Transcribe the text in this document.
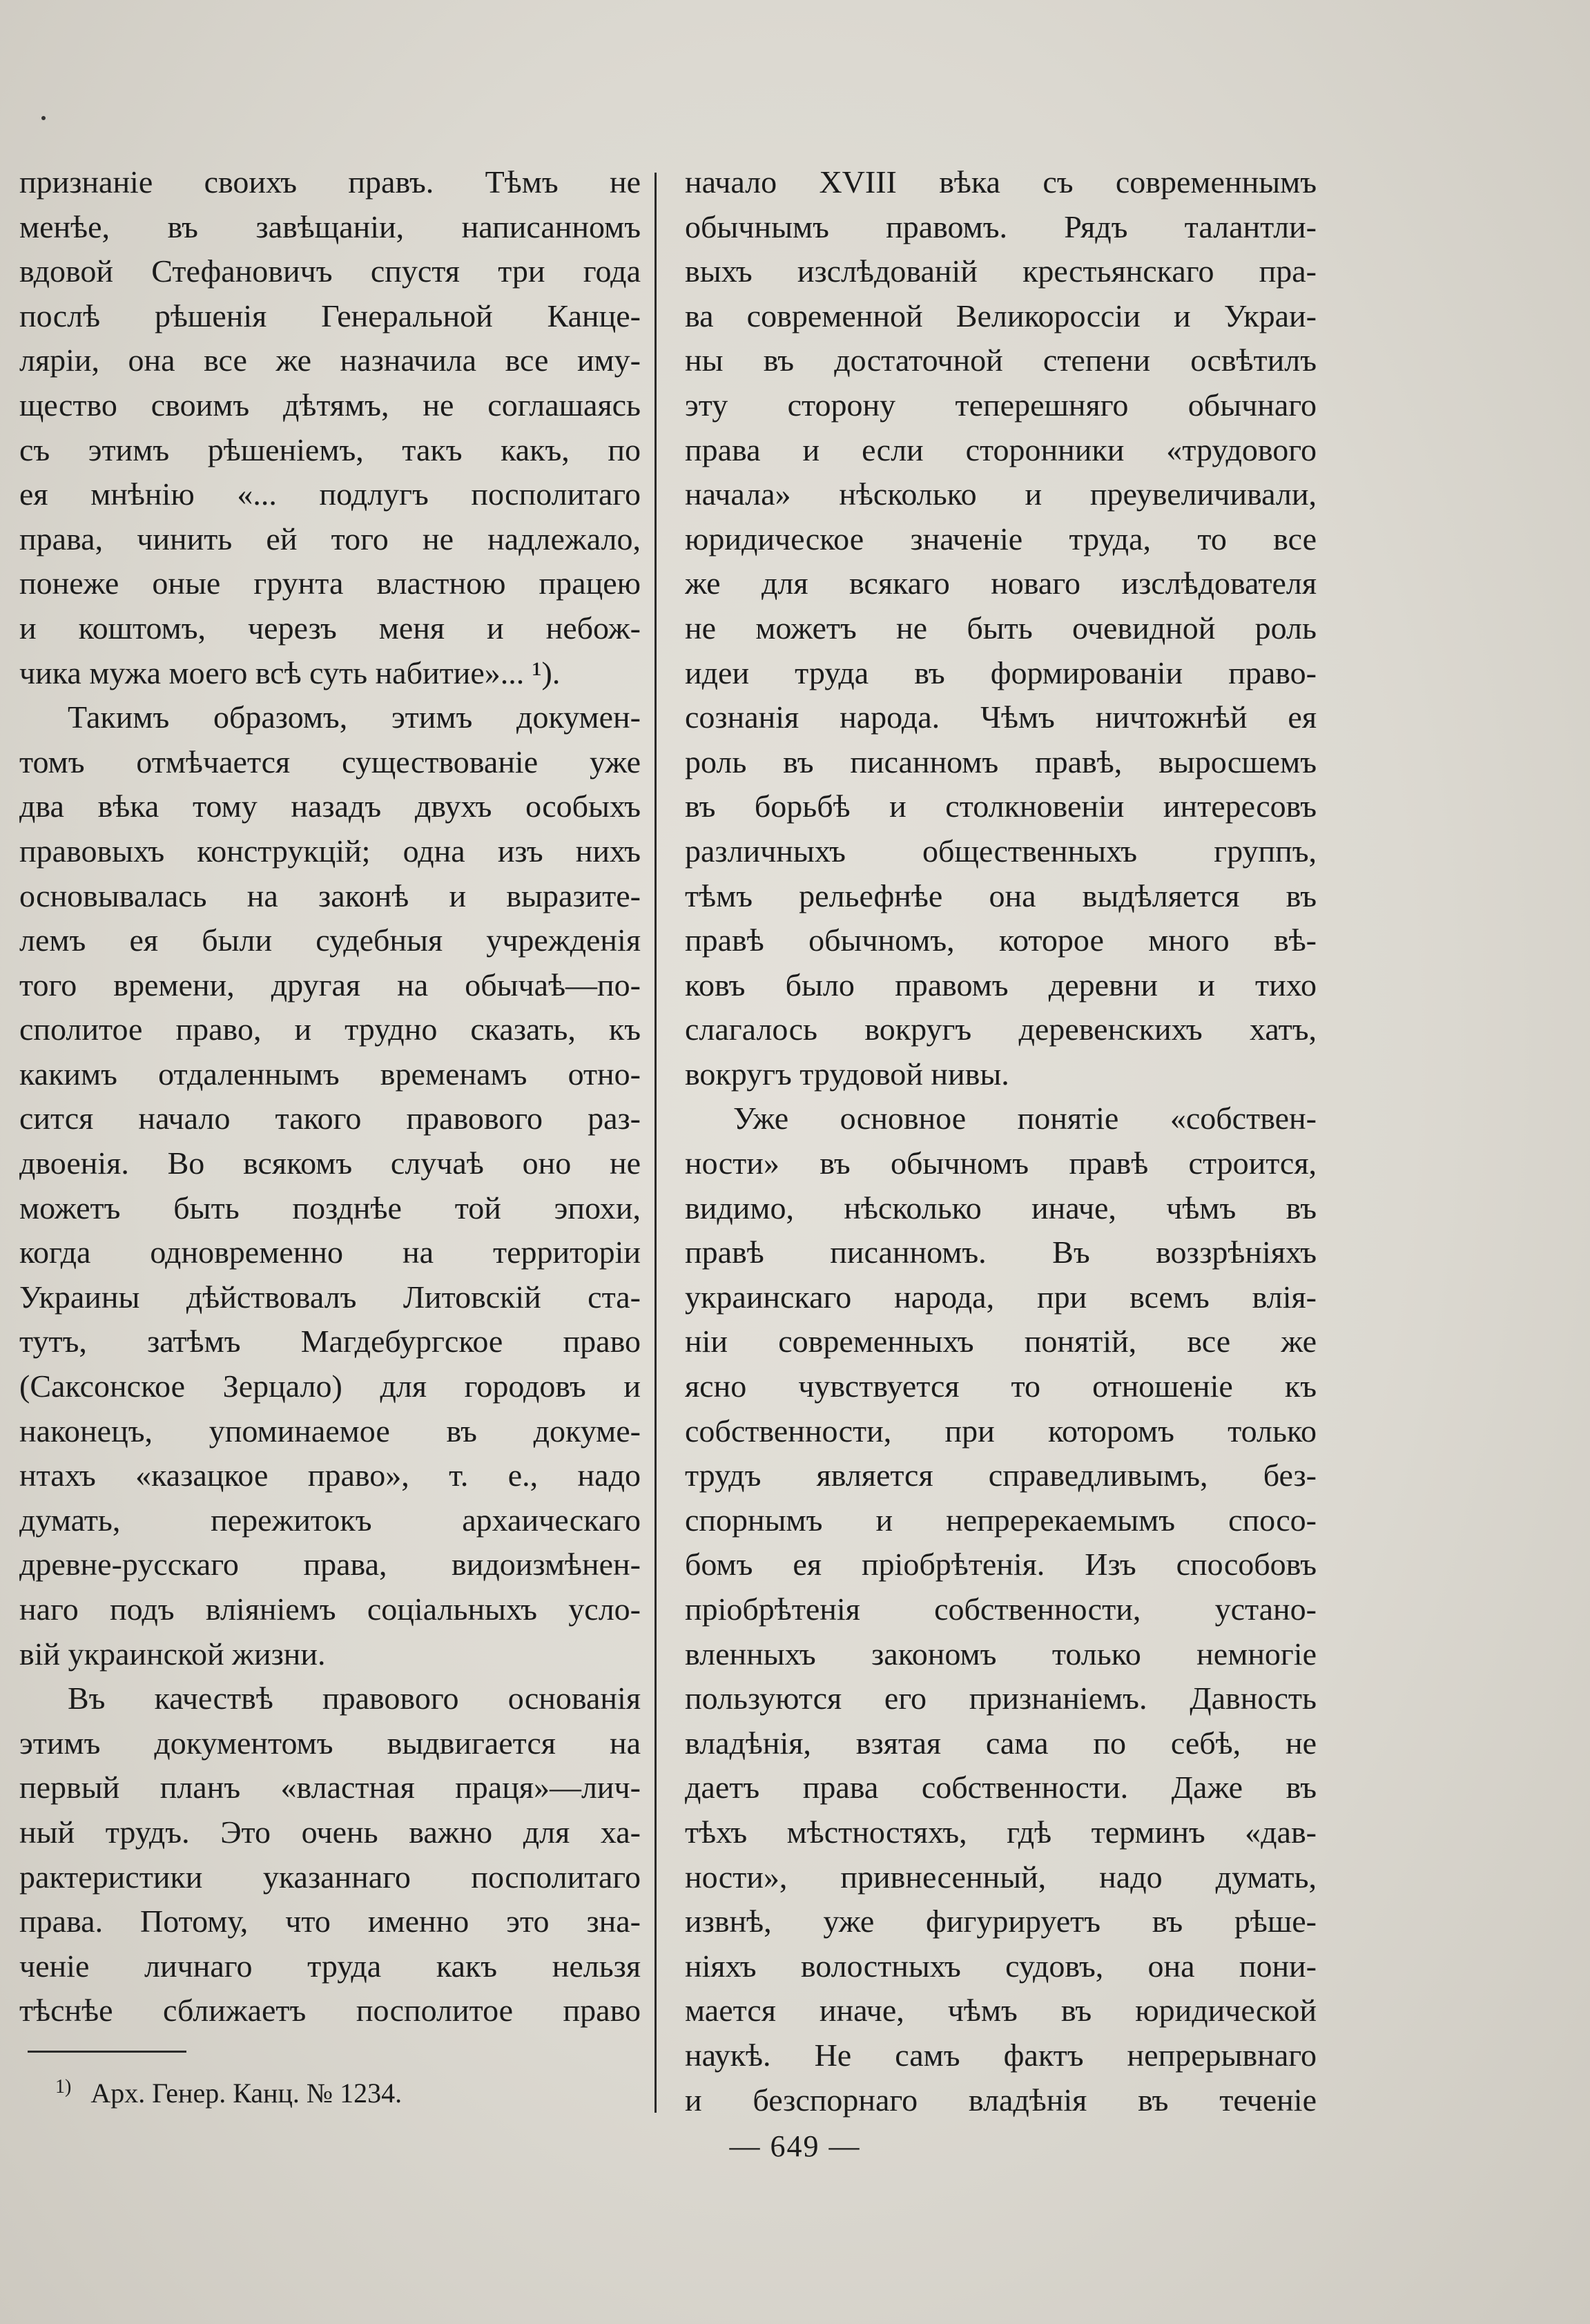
признаніе своихъ правъ. Тѣмъ не
менѣе, въ завѣщаніи, написанномъ
вдовой Стефановичъ спустя три года
послѣ рѣшенія Генеральной Канце-
ляріи, она все же назначила все иму-
щество своимъ дѣтямъ, не соглашаясь
съ этимъ рѣшеніемъ, такъ какъ, по
ея мнѣнію «... подлугъ посполитаго
права, чинить ей того не надлежало,
понеже оные грунта властною працею
и коштомъ, черезъ меня и небож-
чика мужа моего всѣ суть набитие»... ¹).
Такимъ образомъ, этимъ докумен-
томъ отмѣчается существованіе уже
два вѣка тому назадъ двухъ особыхъ
правовыхъ конструкцій; одна изъ нихъ
основывалась на законѣ и выразите-
лемъ ея были судебныя учрежденія
того времени, другая на обычаѣ—по-
сполитое право, и трудно сказать, къ
какимъ отдаленнымъ временамъ отно-
сится начало такого правового раз-
двоенія. Во всякомъ случаѣ оно не
можетъ быть позднѣе той эпохи,
когда одновременно на территоріи
Украины дѣйствовалъ Литовскій ста-
тутъ, затѣмъ Магдебургское право
(Саксонское Зерцало) для городовъ и
наконецъ, упоминаемое въ докуме-
нтахъ «казацкое право», т. е., надо
думать, пережитокъ архаическаго
древне-русскаго права, видоизмѣнен-
наго подъ вліяніемъ соціальныхъ усло-
вій украинской жизни.
Въ качествѣ правового основанія
этимъ документомъ выдвигается на
первый планъ «властная праця»—лич-
ный трудъ. Это очень важно для ха-
рактеристики указаннаго посполитаго
права. Потому, что именно это зна-
ченіе личнаго труда какъ нельзя
тѣснѣе сближаетъ посполитое право
начало XVIII вѣка съ современнымъ
обычнымъ правомъ. Рядъ талантли-
выхъ изслѣдованій крестьянскаго пра-
ва современной Великороссіи и Украи-
ны въ достаточной степени освѣтилъ
эту сторону теперешняго обычнаго
права и если сторонники «трудового
начала» нѣсколько и преувеличивали,
юридическое значеніе труда, то все
же для всякаго новаго изслѣдователя
не можетъ не быть очевидной роль
идеи труда въ формированіи право-
сознанія народа. Чѣмъ ничтожнѣй ея
роль въ писанномъ правѣ, выросшемъ
въ борьбѣ и столкновеніи интересовъ
различныхъ общественныхъ группъ,
тѣмъ рельефнѣе она выдѣляется въ
правѣ обычномъ, которое много вѣ-
ковъ было правомъ деревни и тихо
слагалось вокругъ деревенскихъ хатъ,
вокругъ трудовой нивы.
Уже основное понятіе «собствен-
ности» въ обычномъ правѣ строится,
видимо, нѣсколько иначе, чѣмъ въ
правѣ писанномъ. Въ воззрѣніяхъ
украинскаго народа, при всемъ влія-
ніи современныхъ понятій, все же
ясно чувствуется то отношеніе къ
собственности, при которомъ только
трудъ является справедливымъ, без-
спорнымъ и непререкаемымъ спосо-
бомъ ея пріобрѣтенія. Изъ способовъ
пріобрѣтенія собственности, устано-
вленныхъ закономъ только немногіе
пользуются его признаніемъ. Давность
владѣнія, взятая сама по себѣ, не
даетъ права собственности. Даже въ
тѣхъ мѣстностяхъ, гдѣ терминъ «дав-
ности», привнесенный, надо думать,
извнѣ, уже фигурируетъ въ рѣше-
ніяхъ волостныхъ судовъ, она пони-
мается иначе, чѣмъ въ юридической
наукѣ. Не самъ фактъ непрерывнаго
и безспорнаго владѣнія въ теченіе
$^{1)}$ Арх. Генер. Канц. № 1234.
— 649 —
